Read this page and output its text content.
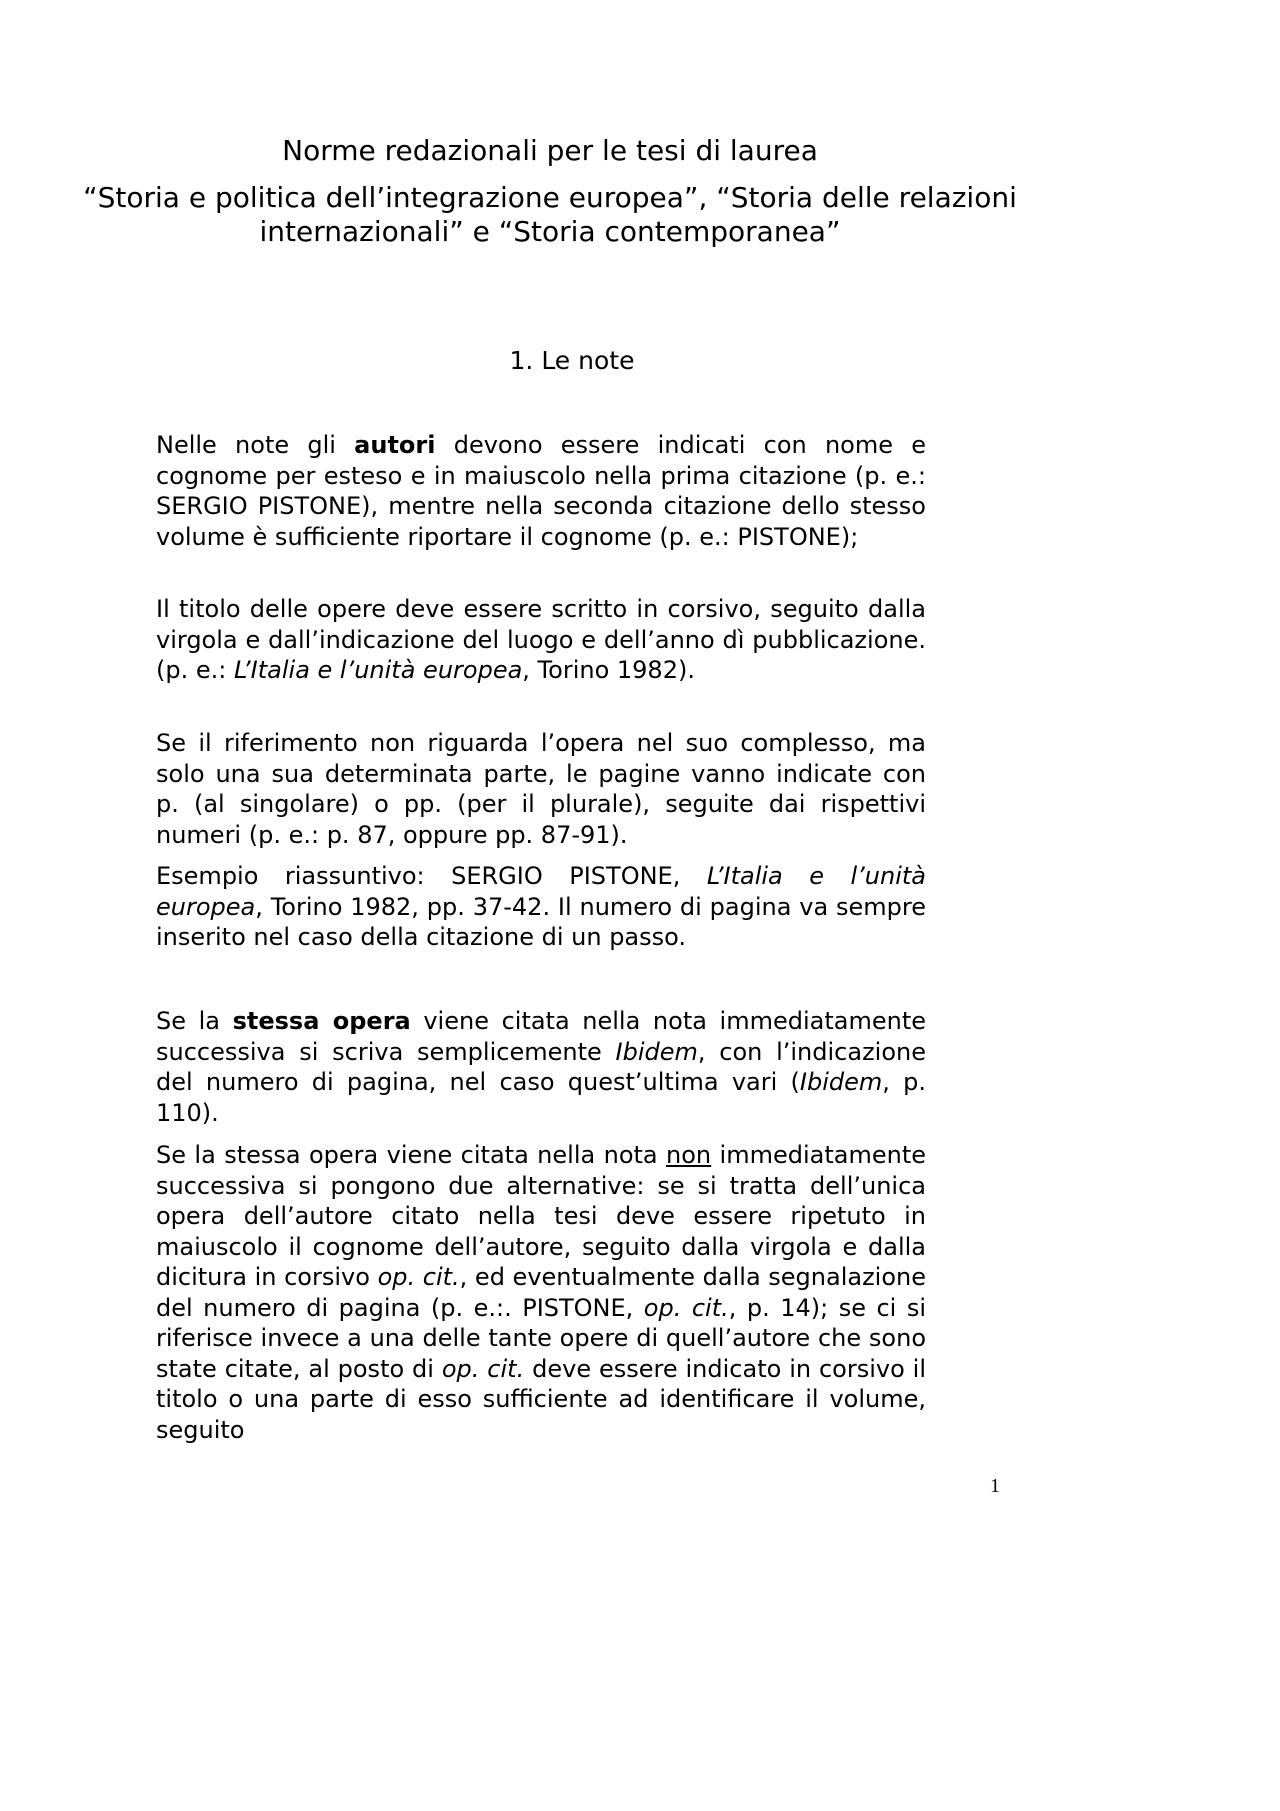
Norme redazionali per le tesi di laurea
“Storia e politica dell’integrazione europea”, “Storia delle relazioni internazionali” e “Storia contemporanea”
1. Le note

Nelle note gli autori devono essere indicati con nome e cognome per esteso e in maiuscolo nella prima citazione (p. e.: SERGIO PISTONE), mentre nella seconda citazione dello stesso volume è sufficiente riportare il cognome (p. e.: PISTONE);

Il titolo delle opere deve essere scritto in corsivo, seguito dalla virgola e dall’indicazione del luogo e dell’anno dì pubblicazione. (p. e.: L’Italia e l’unità europea, Torino 1982).

Se il riferimento non riguarda l’opera nel suo complesso, ma solo una sua determinata parte, le pagine vanno indicate con p. (al singolare) o pp. (per il plurale), seguite dai rispettivi numeri (p. e.: p. 87, oppure pp. 87-91).

Esempio riassuntivo: SERGIO PISTONE, L’Italia e l’unità europea, Torino 1982, pp. 37-42. Il numero di pagina va sempre inserito nel caso della citazione di un passo.

Se la stessa opera viene citata nella nota immediatamente successiva si scriva semplicemente Ibidem, con l’indicazione del numero di pagina, nel caso quest’ultima vari (Ibidem, p. 110).

Se la stessa opera viene citata nella nota non immediatamente successiva si pongono due alternative: se si tratta dell’unica opera dell’autore citato nella tesi deve essere ripetuto in maiuscolo il cognome dell’autore, seguito dalla virgola e dalla dicitura in corsivo op. cit., ed eventualmente dalla segnalazione del numero di pagina (p. e.:. PISTONE, op. cit., p. 14); se ci si riferisce invece a una delle tante opere di quell’autore che sono state citate, al posto di op. cit. deve essere indicato in corsivo il titolo o una parte di esso sufficiente ad identificare il volume, seguito

1
